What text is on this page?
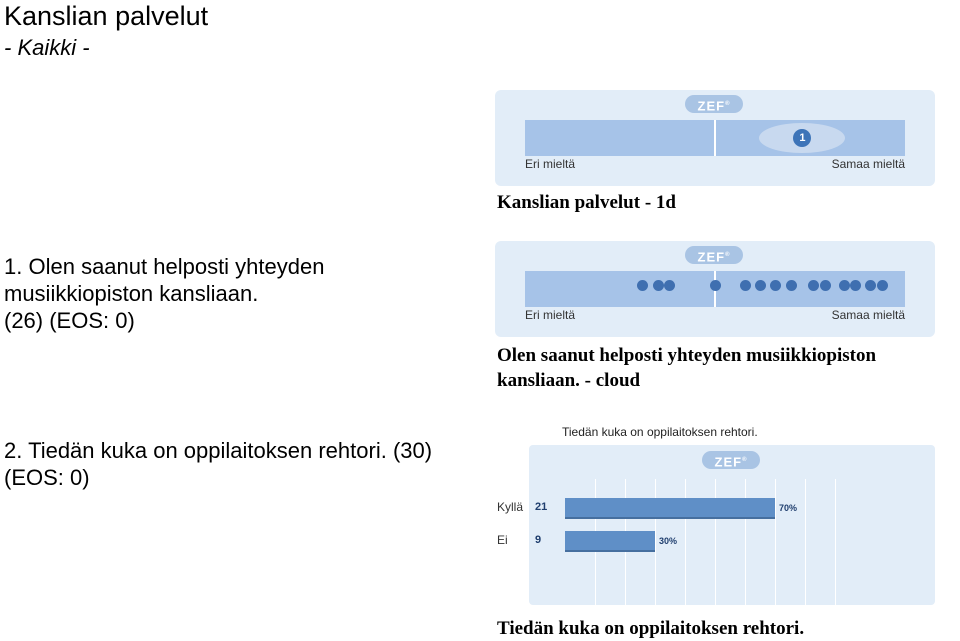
Kanslian palvelut
- Kaikki -
1. Olen saanut helposti yhteyden musiikkiopiston kansliaan.
(26) (EOS: 0)
2. Tiedän kuka on oppilaitoksen rehtori. (30) (EOS: 0)
ZEF®
1
Eri mieltä	Samaa mieltä
Kanslian palvelut - 1d
ZEF®
Eri mieltä	Samaa mieltä
Olen saanut helposti yhteyden musiikkiopiston kansliaan. - cloud
Tiedän kuka on oppilaitoksen rehtori.
ZEF®
Kyllä 21	70%
Ei 9	30%
Tiedän kuka on oppilaitoksen rehtori.
